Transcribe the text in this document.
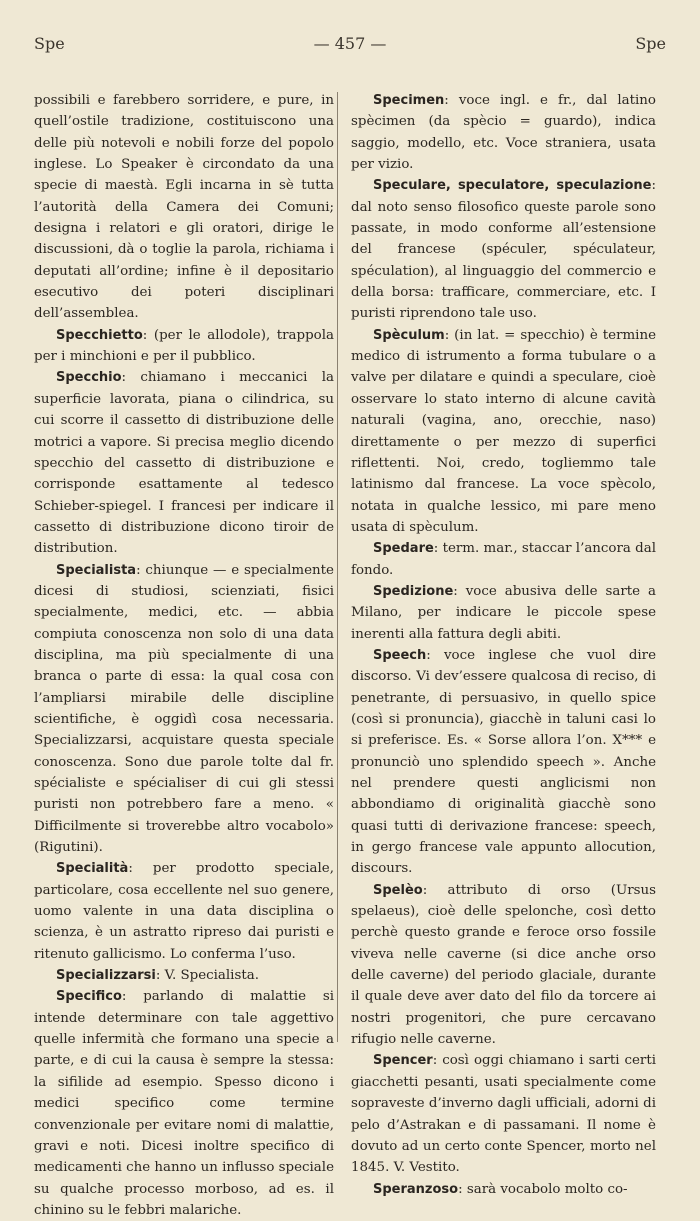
Spe	— 457 —	Spe

possibili e farebbero sorridere, e pure, in quell’ostile tradizione, costituiscono una delle più notevoli e nobili forze del popolo inglese. Lo Speaker è circondato da una specie di maestà. Egli incarna in sè tutta l’autorità della Camera dei Comuni; designa i relatori e gli oratori, dirige le discussioni, dà o toglie la parola, richiama i deputati all’ordine; infine è il depositario esecutivo dei poteri disciplinari dell’assemblea.

Specchietto: (per le allodole), trappola per i minchioni e per il pubblico.

Specchio: chiamano i meccanici la superficie lavorata, piana o cilindrica, su cui scorre il cassetto di distribuzione delle motrici a vapore. Si precisa meglio dicendo specchio del cassetto di distribuzione e corrisponde esattamente al tedesco Schieber-spiegel. I francesi per indicare il cassetto di distribuzione dicono tiroir de distribution.

Specialista: chiunque — e specialmente dicesi di studiosi, scienziati, fisici specialmente, medici, etc. — abbia compiuta conoscenza non solo di una data disciplina, ma più specialmente di una branca o parte di essa: la qual cosa con l’ampliarsi mirabile delle discipline scientifiche, è oggidì cosa necessaria. Specializzarsi, acquistare questa speciale conoscenza. Sono due parole tolte dal fr. spécialiste e spécialiser di cui gli stessi puristi non potrebbero fare a meno. « Difficilmente si troverebbe altro vocabolo» (Rigutini).

Specialità: per prodotto speciale, particolare, cosa eccellente nel suo genere, uomo valente in una data disciplina o scienza, è un astratto ripreso dai puristi e ritenuto gallicismo. Lo conferma l’uso.

Specializzarsi: V. Specialista.

Specifico: parlando di malattie si intende determinare con tale aggettivo quelle infermità che formano una specie a parte, e di cui la causa è sempre la stessa: la sifilide ad esempio. Spesso dicono i medici specifico come termine convenzionale per evitare nomi di malattie, gravi e noti. Dicesi inoltre specifico di medicamenti che hanno un influsso speciale su qualche processo morboso, ad es. il chinino su le febbri malariche.

Specimen: voce ingl. e fr., dal latino spècimen (da spècio = guardo), indica saggio, modello, etc. Voce straniera, usata per vizio.

Speculare, speculatore, speculazione: dal noto senso filosofico queste parole sono passate, in modo conforme all’estensione del francese (spéculer, spéculateur, spéculation), al linguaggio del commercio e della borsa: trafficare, commerciare, etc. I puristi riprendono tale uso.

Spèculum: (in lat. = specchio) è termine medico di istrumento a forma tubulare o a valve per dilatare e quindi a speculare, cioè osservare lo stato interno di alcune cavità naturali (vagina, ano, orecchie, naso) direttamente o per mezzo di superfici riflettenti. Noi, credo, togliemmo tale latinismo dal francese. La voce spècolo, notata in qualche lessico, mi pare meno usata di spèculum.

Spedare: term. mar., staccar l’ancora dal fondo.

Spedizione: voce abusiva delle sarte a Milano, per indicare le piccole spese inerenti alla fattura degli abiti.

Speech: voce inglese che vuol dire discorso. Vi dev’essere qualcosa di reciso, di penetrante, di persuasivo, in quello spice (così si pronuncia), giacchè in taluni casi lo si preferisce. Es. « Sorse allora l’on. X*** e pronunciò uno splendido speech ». Anche nel prendere questi anglicismi non abbondiamo di originalità giacchè sono quasi tutti di derivazione francese: speech, in gergo francese vale appunto allocution, discours.

Spelèo: attributo di orso (Ursus spelaeus), cioè delle spelonche, così detto perchè questo grande e feroce orso fossile viveva nelle caverne (si dice anche orso delle caverne) del periodo glaciale, durante il quale deve aver dato del filo da torcere ai nostri progenitori, che pure cercavano rifugio nelle caverne.

Spencer: così oggi chiamano i sarti certi giacchetti pesanti, usati specialmente come sopraveste d’inverno dagli ufficiali, adorni di pelo d’Astrakan e di passamani. Il nome è dovuto ad un certo conte Spencer, morto nel 1845. V. Vestito.

Speranzoso: sarà vocabolo molto co-
